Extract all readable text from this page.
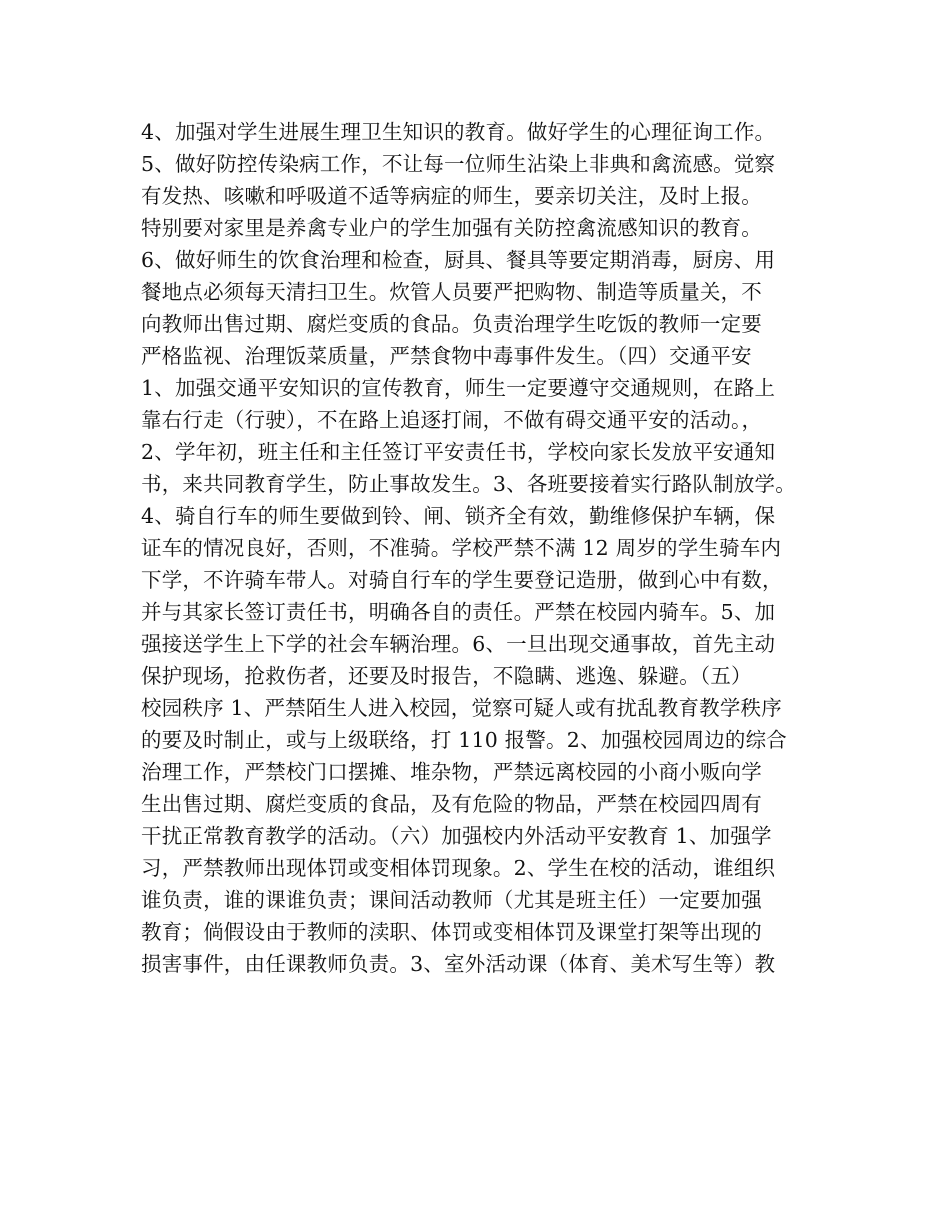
4、加强对学生进展生理卫生知识的教育。做好学生的心理征询工作。
5、做好防控传染病工作，不让每一位师生沾染上非典和禽流感。觉察
有发热、咳嗽和呼吸道不适等病症的师生，要亲切关注，及时上报。
特别要对家里是养禽专业户的学生加强有关防控禽流感知识的教育。
6、做好师生的饮食治理和检查，厨具、餐具等要定期消毒，厨房、用
餐地点必须每天清扫卫生。炊管人员要严把购物、制造等质量关，不
向教师出售过期、腐烂变质的食品。负责治理学生吃饭的教师一定要
严格监视、治理饭菜质量，严禁食物中毒事件发生。（四）交通平安
1、加强交通平安知识的宣传教育，师生一定要遵守交通规则，在路上
靠右行走（行驶），不在路上追逐打闹，不做有碍交通平安的活动。，
2、学年初，班主任和主任签订平安责任书，学校向家长发放平安通知
书，来共同教育学生，防止事故发生。3、各班要接着实行路队制放学。
4、骑自行车的师生要做到铃、闸、锁齐全有效，勤维修保护车辆，保
证车的情况良好，否则，不准骑。学校严禁不满 12 周岁的学生骑车内
下学，不许骑车带人。对骑自行车的学生要登记造册，做到心中有数，
并与其家长签订责任书，明确各自的责任。严禁在校园内骑车。5、加
强接送学生上下学的社会车辆治理。6、一旦出现交通事故，首先主动
保护现场，抢救伤者，还要及时报告，不隐瞒、逃逸、躲避。（五）
校园秩序 1、严禁陌生人进入校园，觉察可疑人或有扰乱教育教学秩序
的要及时制止，或与上级联络，打 110 报警。2、加强校园周边的综合
治理工作，严禁校门口摆摊、堆杂物，严禁远离校园的小商小贩向学
生出售过期、腐烂变质的食品，及有危险的物品，严禁在校园四周有
干扰正常教育教学的活动。（六）加强校内外活动平安教育 1、加强学
习，严禁教师出现体罚或变相体罚现象。2、学生在校的活动，谁组织
谁负责，谁的课谁负责；课间活动教师（尤其是班主任）一定要加强
教育；倘假设由于教师的渎职、体罚或变相体罚及课堂打架等出现的
损害事件，由任课教师负责。3、室外活动课（体育、美术写生等）教
